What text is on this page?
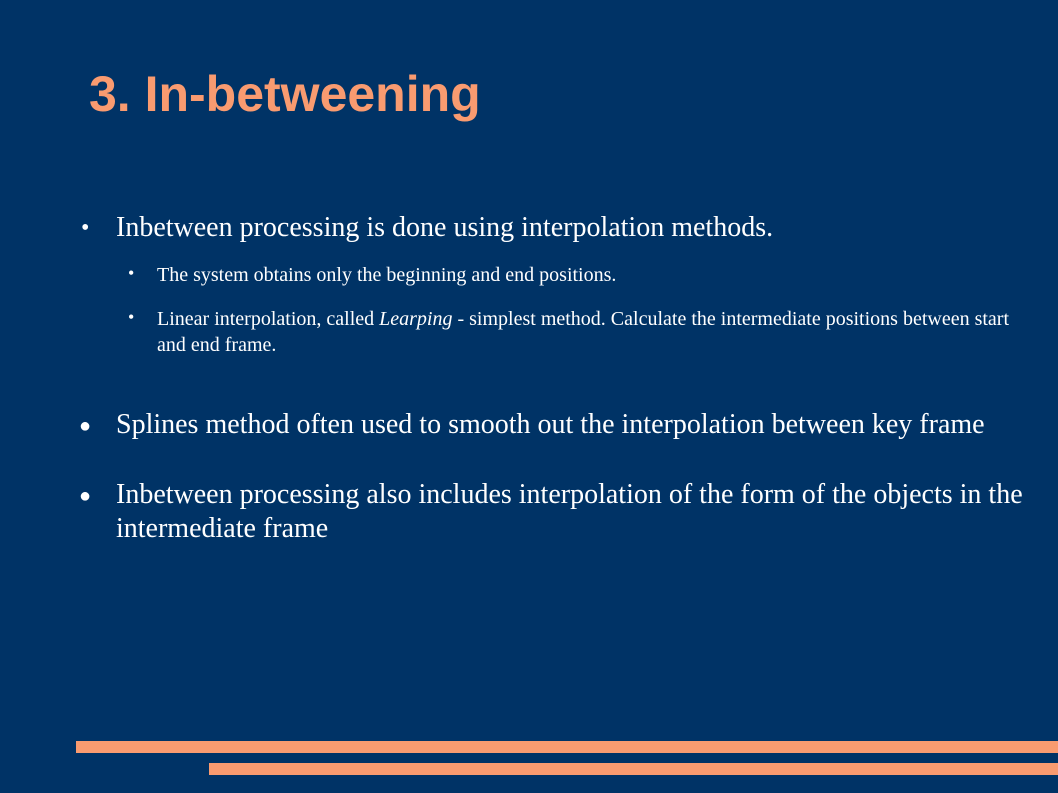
3. In-betweening
• Inbetween processing is done using interpolation methods.
• The system obtains only the beginning and end positions.
• Linear interpolation, called Learping - simplest method. Calculate the intermediate positions between start and end frame.
● Splines method often used to smooth out the interpolation between key frame
● Inbetween processing also includes interpolation of the form of the objects in the intermediate frame
